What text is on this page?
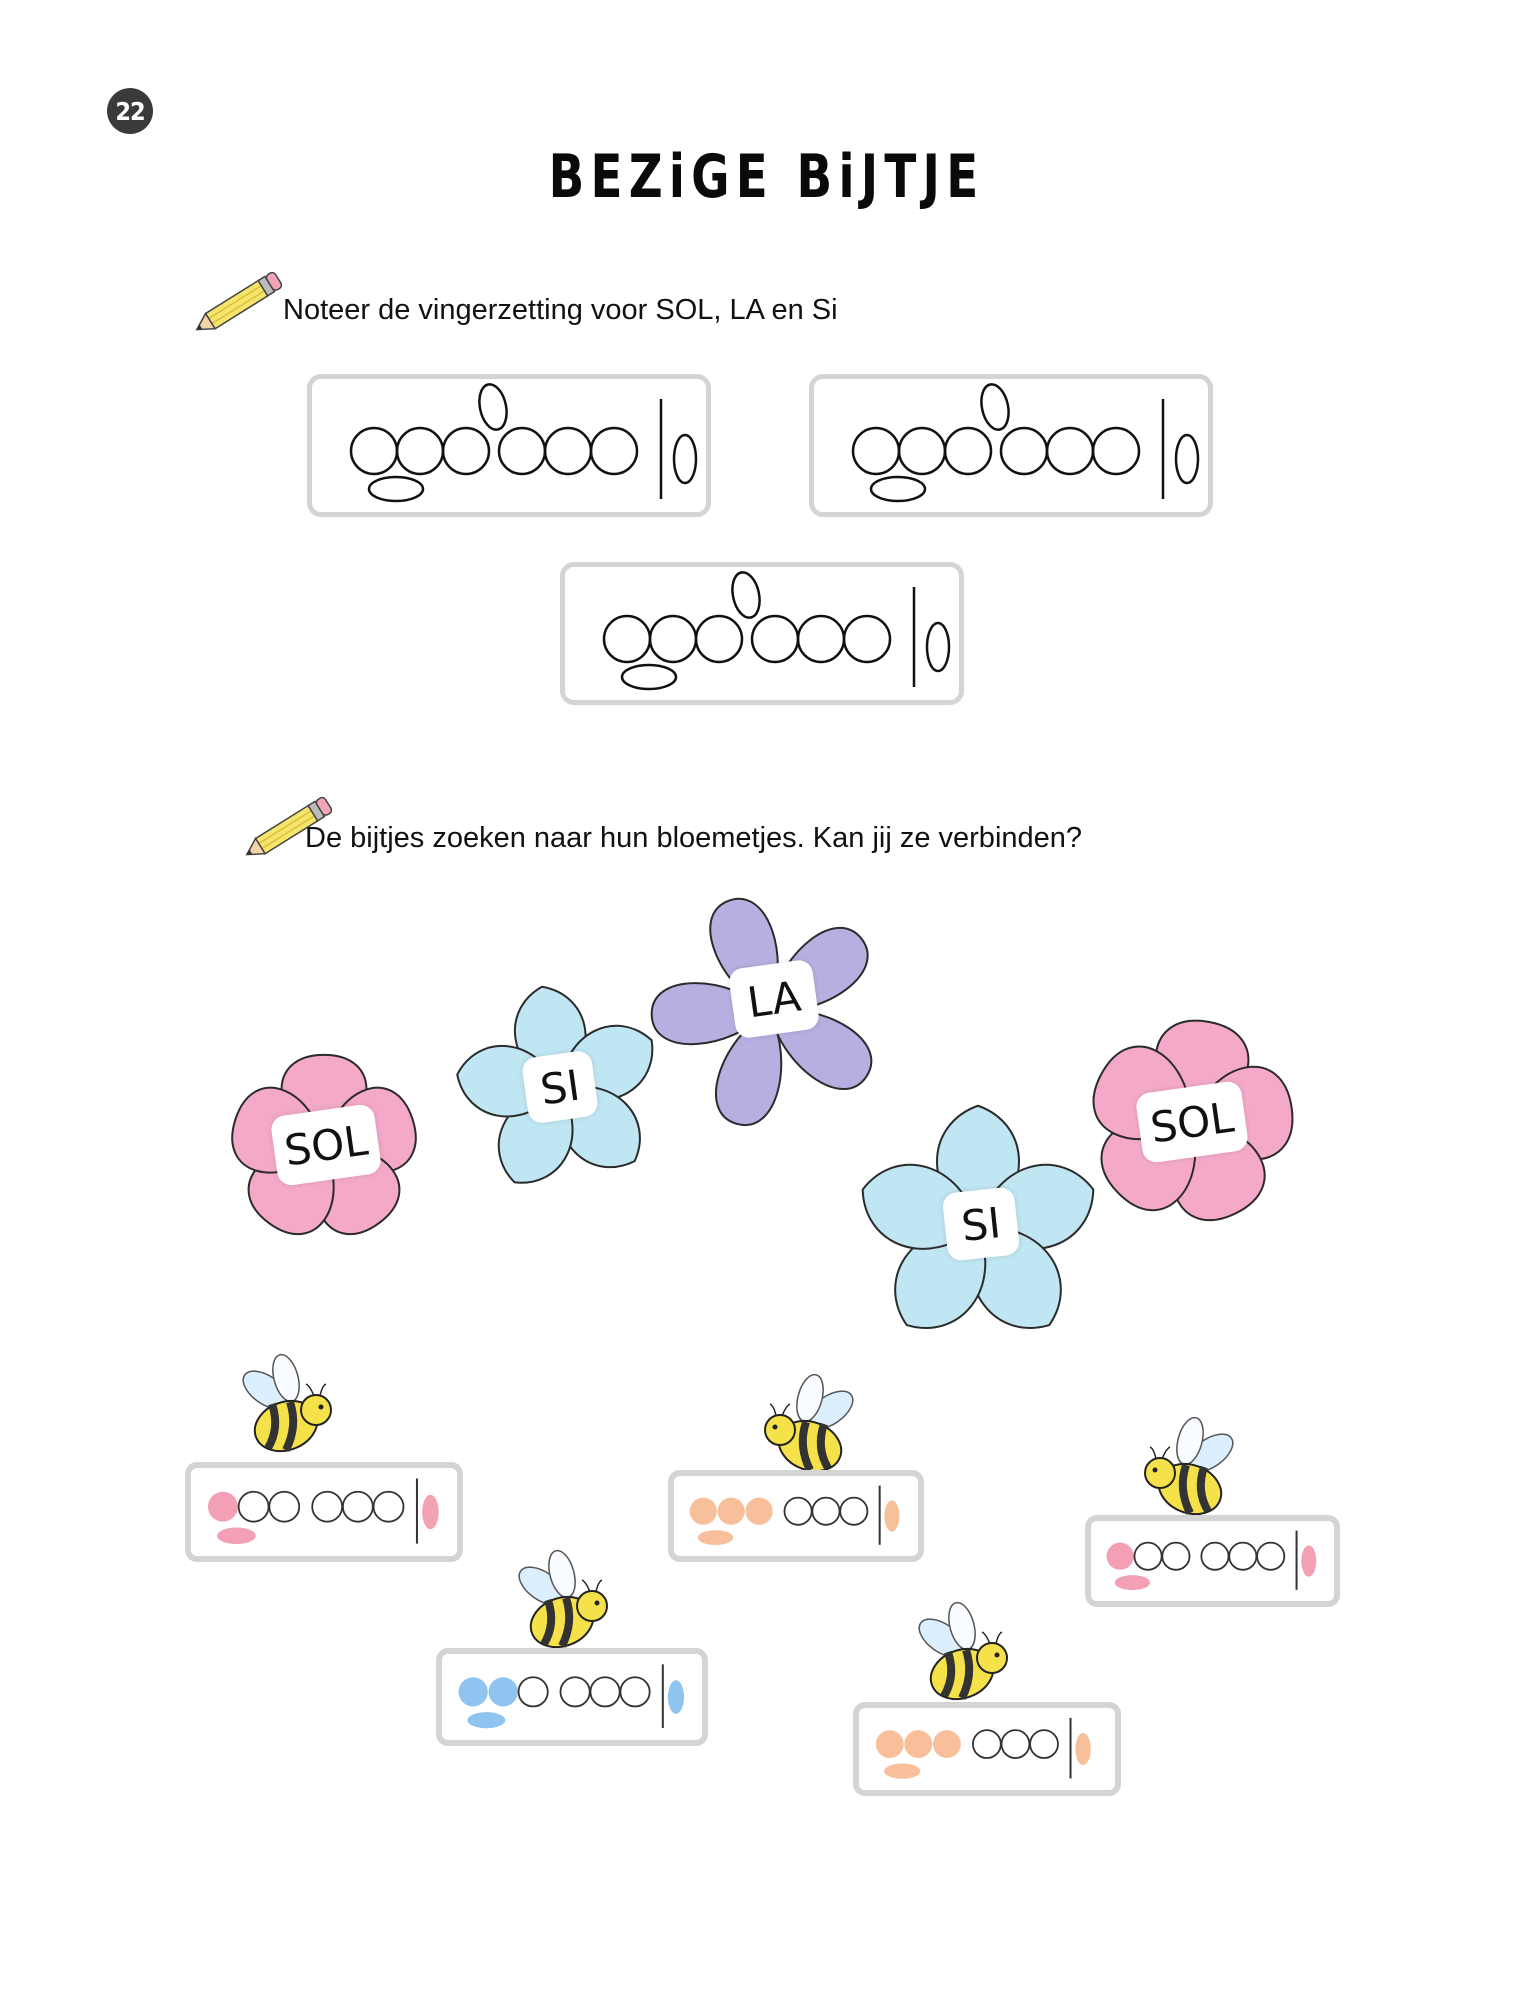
22
BEZiGE BiJTJE
Noteer de vingerzetting voor SOL, LA en Si
De bijtjes zoeken naar hun bloemetjes. Kan jij ze verbinden?
SOL
SI
LA
SI
SOL
